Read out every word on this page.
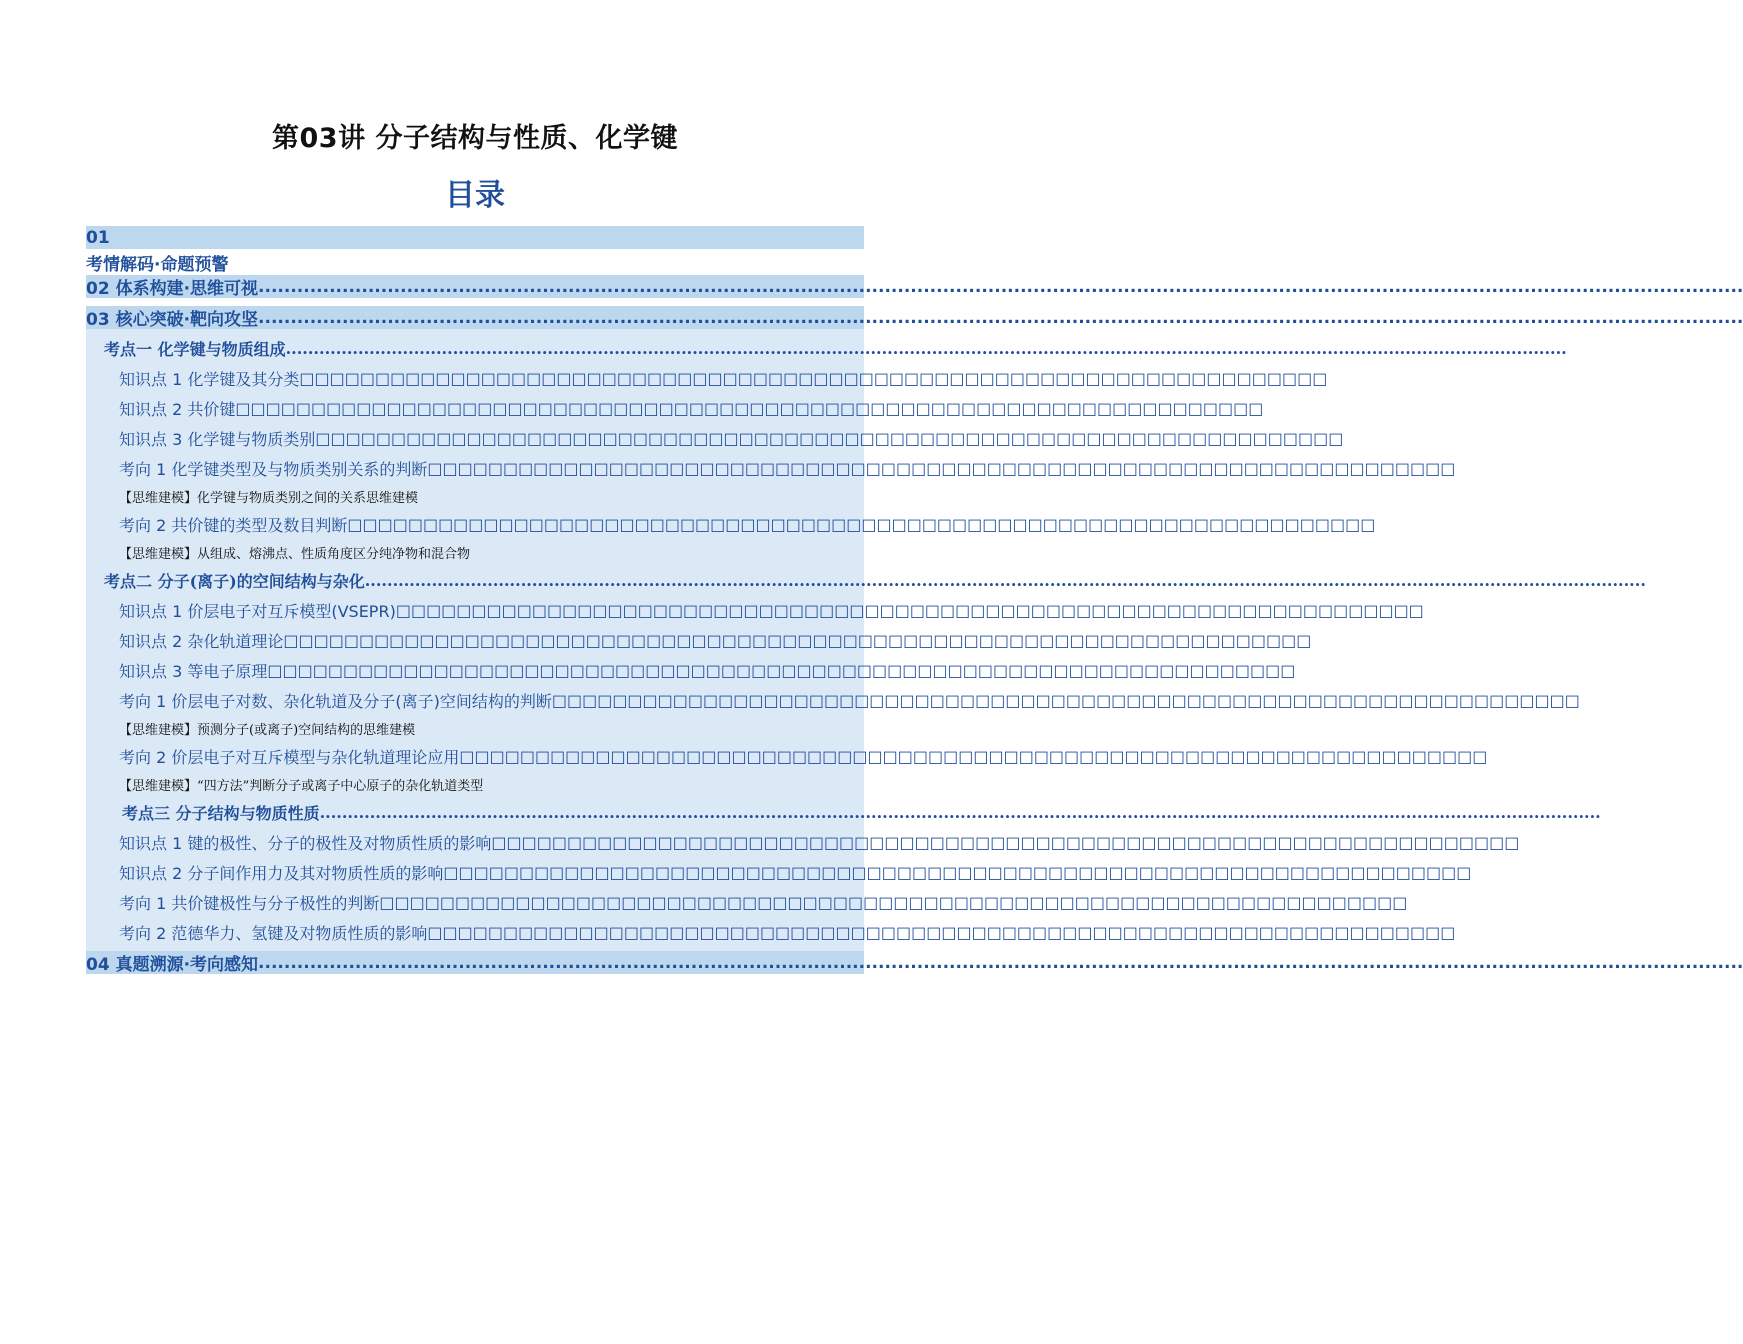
第03讲 分子结构与性质、化学键
目录
01
考情解码·命题预警
02 体系构建·思维可视 ......................................................................................................................................................................................................................................
03 核心突破·靶向攻坚 ......................................................................................................................................................................................................................................
考点一 化学键与物质组成 ......................................................................................................................................................................................................................................
知识点 1 化学键及其分类 □□□□□□□□□□□□□□□□□□□□□□□□□□□□□□□□□□□□□□□□□□□□□□□□□□□□□□□□□□□□□□□□□□□□
知识点 2 共价键 □□□□□□□□□□□□□□□□□□□□□□□□□□□□□□□□□□□□□□□□□□□□□□□□□□□□□□□□□□□□□□□□□□□□
知识点 3 化学键与物质类别 □□□□□□□□□□□□□□□□□□□□□□□□□□□□□□□□□□□□□□□□□□□□□□□□□□□□□□□□□□□□□□□□□□□□
考向 1 化学键类型及与物质类别关系的判断 □□□□□□□□□□□□□□□□□□□□□□□□□□□□□□□□□□□□□□□□□□□□□□□□□□□□□□□□□□□□□□□□□□□□
【思维建模】化学键与物质类别之间的关系思维建模
考向 2 共价键的类型及数目判断 □□□□□□□□□□□□□□□□□□□□□□□□□□□□□□□□□□□□□□□□□□□□□□□□□□□□□□□□□□□□□□□□□□□□
【思维建模】从组成、熔沸点、性质角度区分纯净物和混合物
考点二 分子(离子)的空间结构与杂化 ......................................................................................................................................................................................................................................
知识点 1 价层电子对互斥模型(VSEPR) □□□□□□□□□□□□□□□□□□□□□□□□□□□□□□□□□□□□□□□□□□□□□□□□□□□□□□□□□□□□□□□□□□□□
知识点 2 杂化轨道理论 □□□□□□□□□□□□□□□□□□□□□□□□□□□□□□□□□□□□□□□□□□□□□□□□□□□□□□□□□□□□□□□□□□□□
知识点 3 等电子原理 □□□□□□□□□□□□□□□□□□□□□□□□□□□□□□□□□□□□□□□□□□□□□□□□□□□□□□□□□□□□□□□□□□□□
考向 1 价层电子对数、杂化轨道及分子(离子)空间结构的判断 □□□□□□□□□□□□□□□□□□□□□□□□□□□□□□□□□□□□□□□□□□□□□□□□□□□□□□□□□□□□□□□□□□□□
【思维建模】预测分子(或离子)空间结构的思维建模
考向 2 价层电子对互斥模型与杂化轨道理论应用 □□□□□□□□□□□□□□□□□□□□□□□□□□□□□□□□□□□□□□□□□□□□□□□□□□□□□□□□□□□□□□□□□□□□
【思维建模】“四方法”判断分子或离子中心原子的杂化轨道类型
考点三 分子结构与物质性质 ......................................................................................................................................................................................................................................
知识点 1 键的极性、分子的极性及对物质性质的影响 □□□□□□□□□□□□□□□□□□□□□□□□□□□□□□□□□□□□□□□□□□□□□□□□□□□□□□□□□□□□□□□□□□□□
知识点 2 分子间作用力及其对物质性质的影响 □□□□□□□□□□□□□□□□□□□□□□□□□□□□□□□□□□□□□□□□□□□□□□□□□□□□□□□□□□□□□□□□□□□□
考向 1 共价键极性与分子极性的判断 □□□□□□□□□□□□□□□□□□□□□□□□□□□□□□□□□□□□□□□□□□□□□□□□□□□□□□□□□□□□□□□□□□□□
考向 2 范德华力、氢键及对物质性质的影响 □□□□□□□□□□□□□□□□□□□□□□□□□□□□□□□□□□□□□□□□□□□□□□□□□□□□□□□□□□□□□□□□□□□□
04 真题溯源·考向感知 ......................................................................................................................................................................................................................................
